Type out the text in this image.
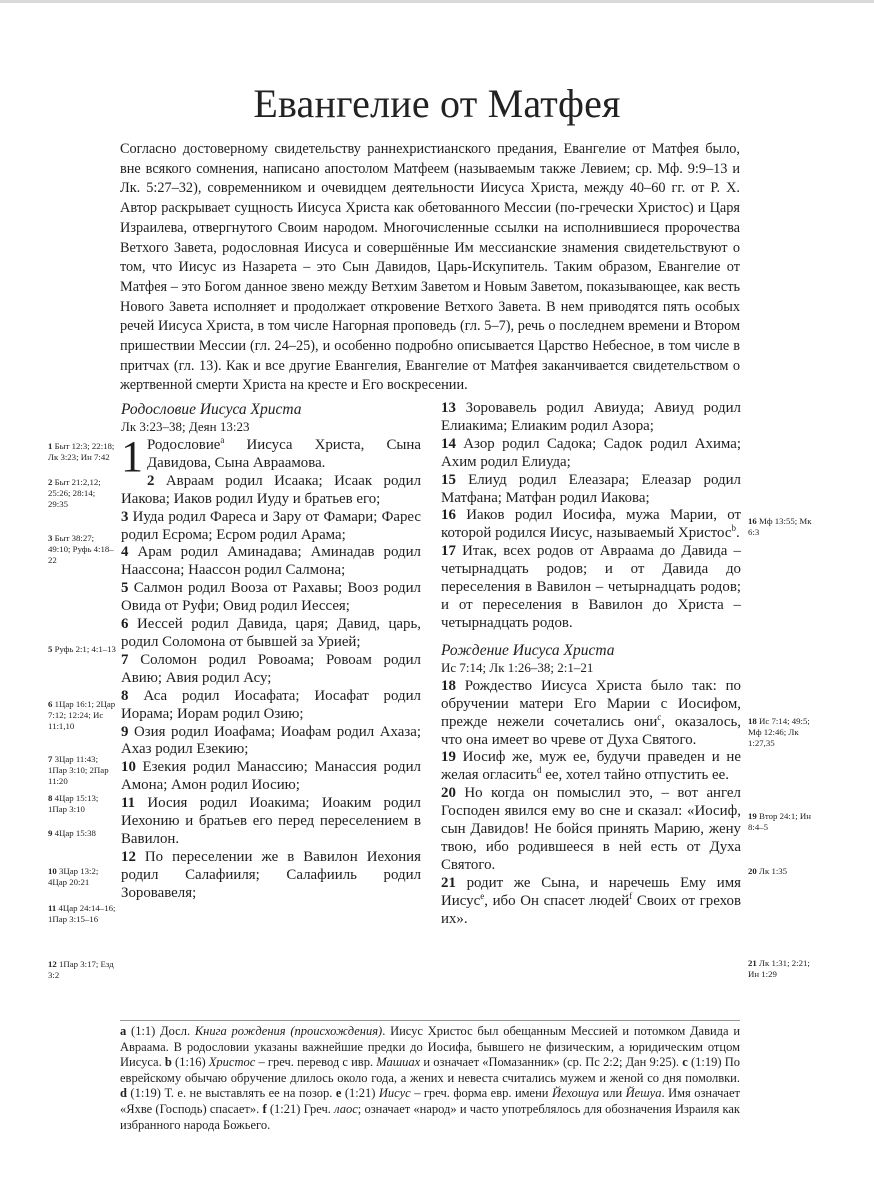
Евангелие от Матфея

Согласно достоверному свидетельству раннехристианского предания, Евангелие от Матфея было, вне всякого сомнения, написано апостолом Матфеем (называемым также Левием; ср. Мф. 9:9–13 и Лк. 5:27–32), современником и очевидцем деятельности Иисуса Христа, между 40–60 гг. от Р. Х. Автор раскрывает сущность Иисуса Христа как обетованного Мессии (по-гречески Христос) и Царя Израилева, отвергнутого Своим народом. Многочисленные ссылки на исполнившиеся пророчества Ветхого Завета, родословная Иисуса и совершённые Им мессианские знамения свидетельствуют о том, что Иисус из Назарета – это Сын Давидов, Царь-Искупитель. Таким образом, Евангелие от Матфея – это Богом данное звено между Ветхим Заветом и Новым Заветом, показывающее, как весть Нового Завета исполняет и продолжает откровение Ветхого Завета. В нем приводятся пять особых речей Иисуса Христа, в том числе Нагорная проповедь (гл. 5–7), речь о последнем времени и Втором пришествии Мессии (гл. 24–25), и особенно подробно описывается Царство Небесное, в том числе в притчах (гл. 13). Как и все другие Евангелия, Евангелие от Матфея заканчивается свидетельством о жертвенной смерти Христа на кресте и Его воскресении.

Родословие Иисуса Христа

Лк 3:23–38; Деян 13:23

1 Родословие$^a$ Иисуса Христа, Сына Давидова, Сына Авраамова.

2 Авраам родил Исаака; Исаак родил Иакова; Иаков родил Иуду и братьев его;

3 Иуда родил Фареса и Зару от Фамари; Фарес родил Есрома; Есром родил Арама;

4 Арам родил Аминадава; Аминадав родил Наассона; Наассон родил Салмона;

5 Салмон родил Вооза от Рахавы; Вооз родил Овида от Руфи; Овид родил Иессея;

6 Иессей родил Давида, царя; Давид, царь, родил Соломона от бывшей за Урией;

7 Соломон родил Ровоама; Ровоам родил Авию; Авия родил Асу;

8 Аса родил Иосафата; Иосафат родил Иорама; Иорам родил Озию;

9 Озия родил Иоафама; Иоафам родил Ахаза; Ахаз родил Езекию;

10 Езекия родил Манассию; Манассия родил Амона; Амон родил Иосию;

11 Иосия родил Иоакима; Иоаким родил Иехонию и братьев его перед переселением в Вавилон.

12 По переселении же в Вавилон Иехония родил Салафииля; Салафииль родил Зоровавеля;

13 Зоровавель родил Авиуда; Авиуд родил Елиакима; Елиаким родил Азора;

14 Азор родил Садока; Садок родил Ахима; Ахим родил Елиуда;

15 Елиуд родил Елеазара; Елеазар родил Матфана; Матфан родил Иакова;

16 Иаков родил Иосифа, мужа Марии, от которой родился Иисус, называемый Христос$^b$.

17 Итак, всех родов от Авраама до Давида – четырнадцать родов; и от Давида до переселения в Вавилон – четырнадцать родов; и от переселения в Вавилон до Христа – четырнадцать родов.

Рождение Иисуса Христа

Ис 7:14; Лк 1:26–38; 2:1–21

18 Рождество Иисуса Христа было так: по обручении матери Его Марии с Иосифом, прежде нежели сочетались они$^c$, оказалось, что она имеет во чреве от Духа Святого.

19 Иосиф же, муж ее, будучи праведен и не желая огласить$^d$ ее, хотел тайно отпустить ее.

20 Но когда он помыслил это, – вот ангел Господен явился ему во сне и сказал: «Иосиф, сын Давидов! Не бойся принять Марию, жену твою, ибо родившееся в ней есть от Духа Святого.

21 родит же Сына, и наречешь Ему имя Иисус$^e$, ибо Он спасет людей$^f$ Своих от грехов их».

1 Быт 12:3; 22:18; Лк 3:23; Ин 7:42
2 Быт 21:2,12; 25:26; 28:14; 29:35
3 Быт 38:27; 49:10; Руфь 4:18–22
5 Руфь 2:1; 4:1–13
6 1Цар 16:1; 2Цар 7:12; 12:24; Ис 11:1,10
7 3Цар 11:43; 1Пар 3:10; 2Пар 11:20
8 4Цар 15:13; 1Пар 3:10
9 4Цар 15:38
10 3Цар 13:2; 4Цар 20:21
11 4Цар 24:14–16; 1Пар 3:15–16
12 1Пар 3:17; Езд 3:2
16 Мф 13:55; Мк 6:3
18 Ис 7:14; 49:5; Мф 12:46; Лк 1:27,35
19 Втор 24:1; Ин 8:4–5
20 Лк 1:35
21 Лк 1:31; 2:21; Ин 1:29

a (1:1) Досл. Книга рождения (происхождения). Иисус Христос был обещанным Мессией и потомком Давида и Авраама. В родословии указаны важнейшие предки до Иосифа, бывшего не физическим, а юридическим отцом Иисуса. b (1:16) Христос – греч. перевод с ивр. Машиах и означает «Помазанник» (ср. Пс 2:2; Дан 9:25). c (1:19) По еврейскому обычаю обручение длилось около года, а жених и невеста считались мужем и женой со дня помолвки. d (1:19) Т. е. не выставлять ее на позор. e (1:21) Иисус – греч. форма евр. имени Йехошуа или Йешуа. Имя означает «Яхве (Господь) спасает». f (1:21) Греч. лаос; означает «народ» и часто употреблялось для обозначения Израиля как избранного народа Божьего.
